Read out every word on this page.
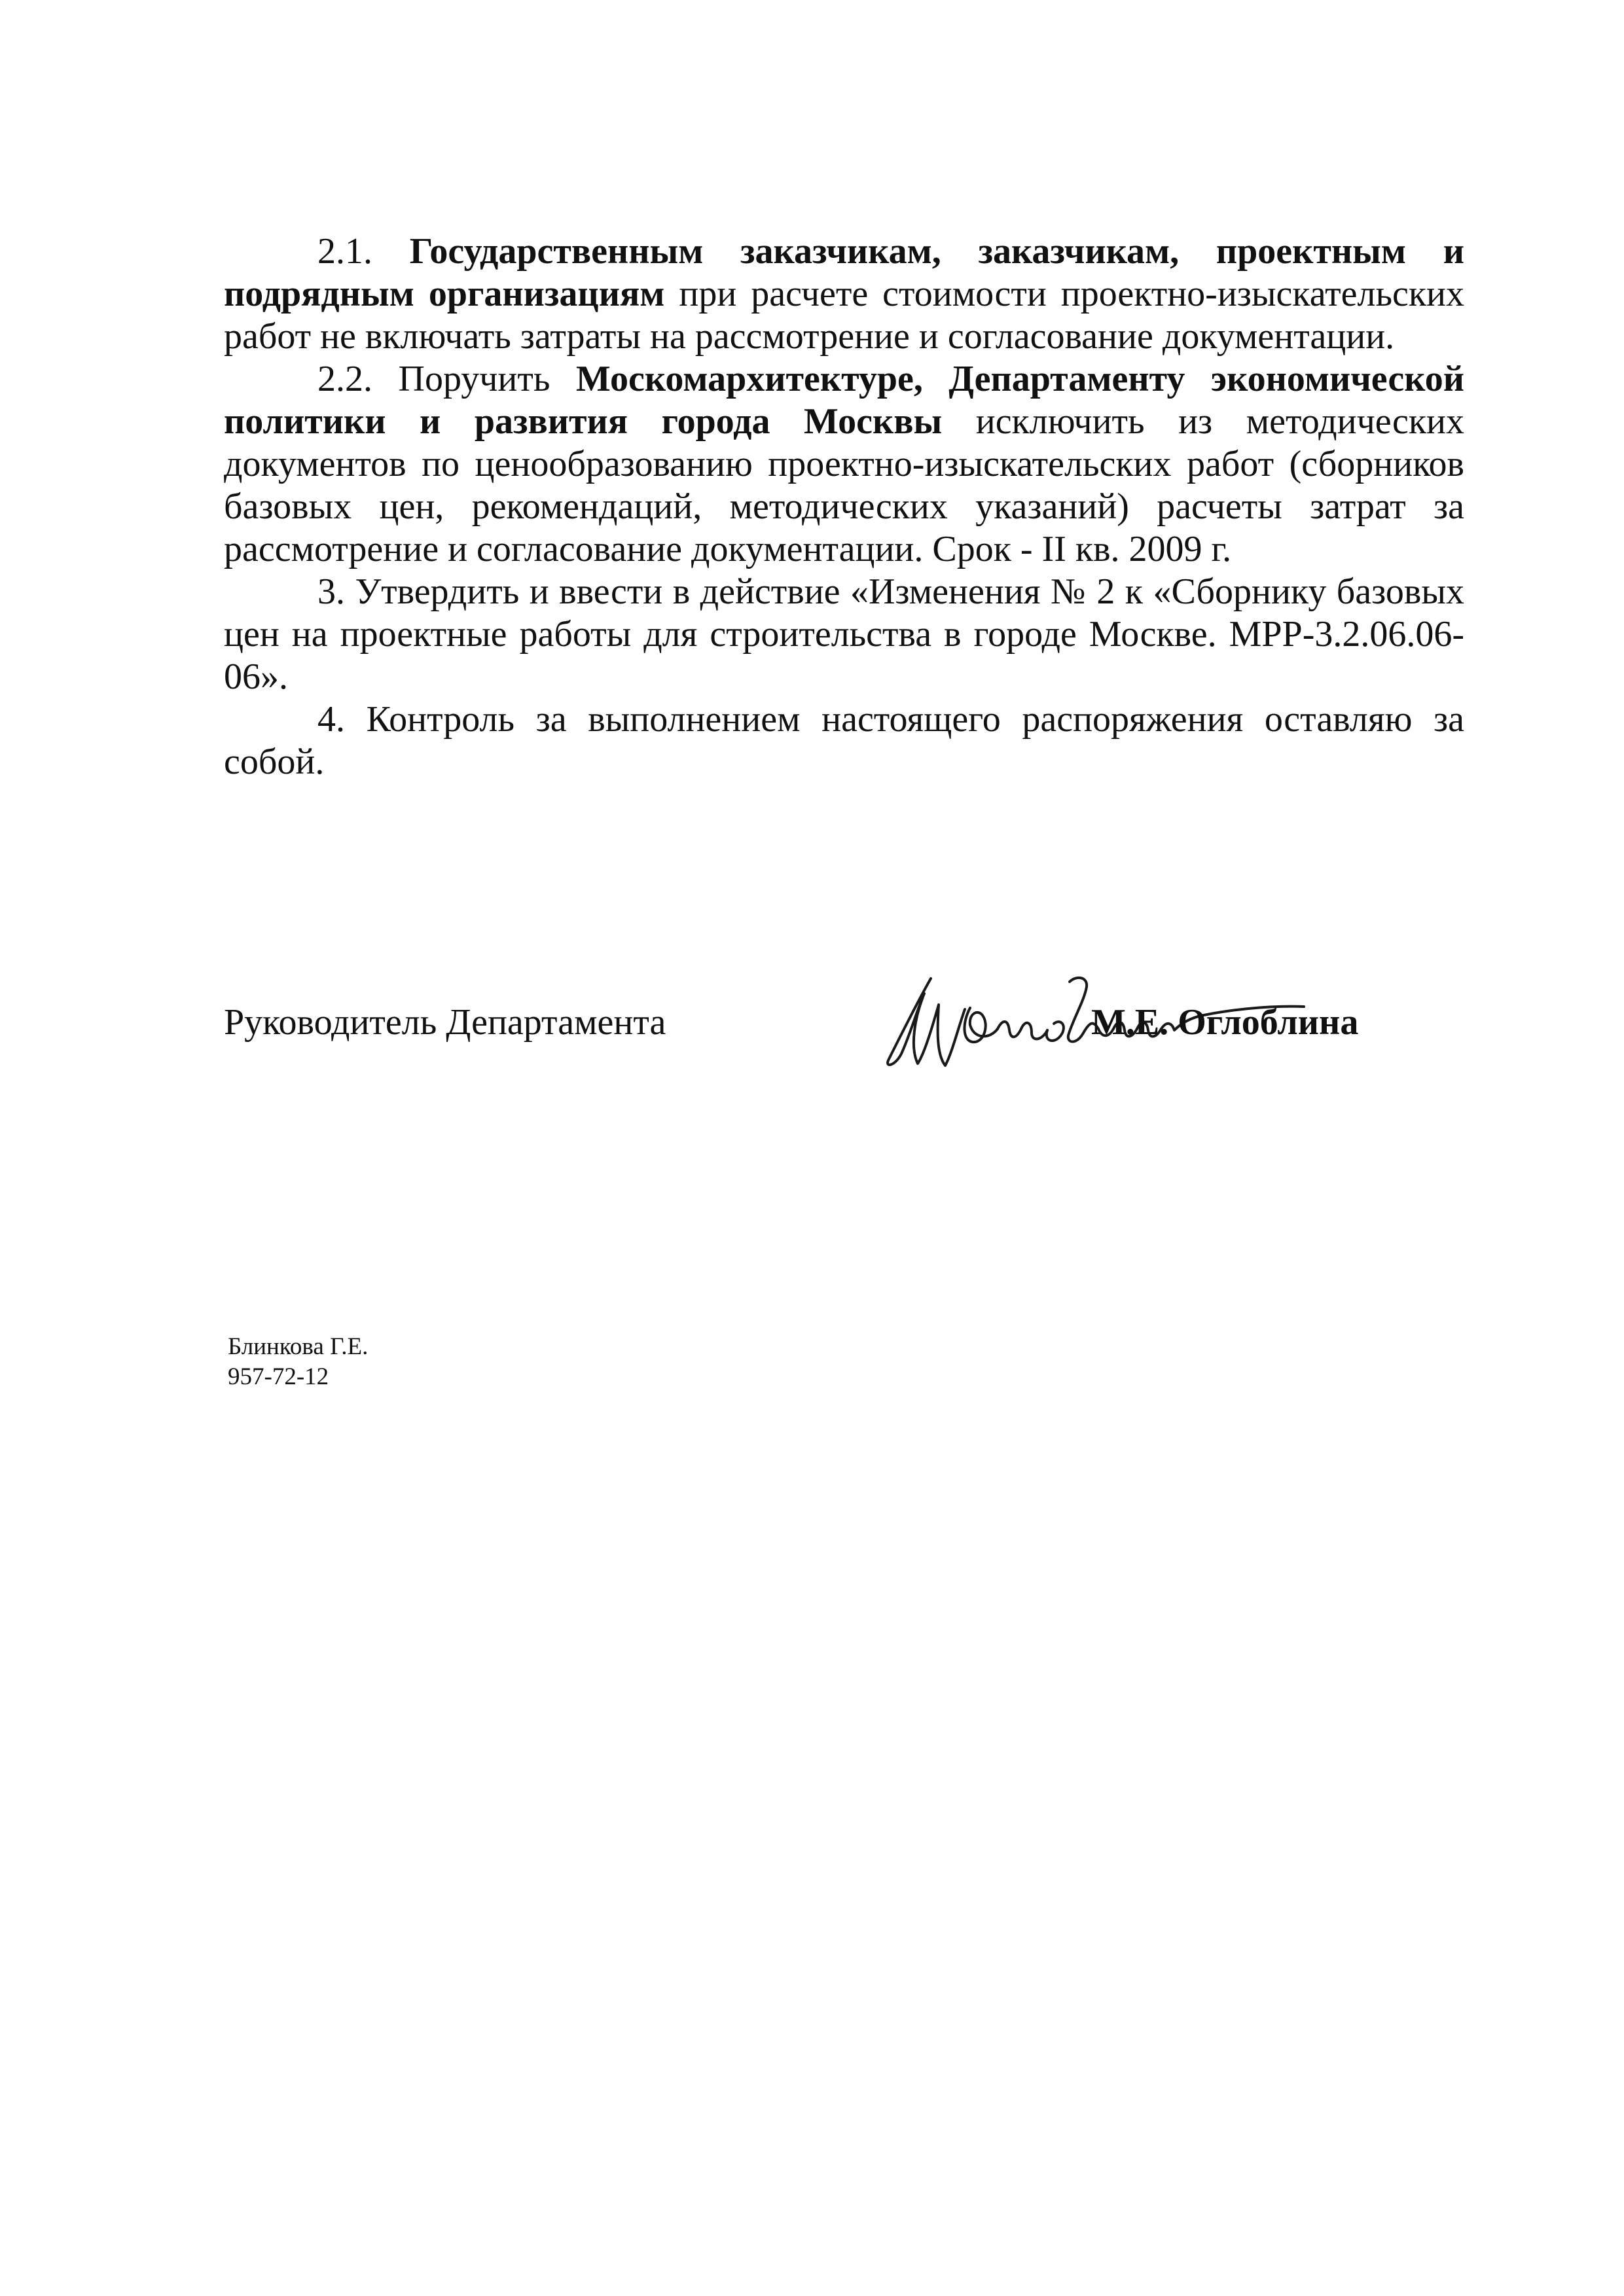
2.1. Государственным заказчикам, заказчикам, проектным и подрядным организациям при расчете стоимости проектно-изыскательских работ не включать затраты на рассмотрение и согласование документации.

2.2. Поручить Москомархитектуре, Департаменту экономической политики и развития города Москвы исключить из методических документов по ценообразованию проектно-изыскательских работ (сборников базовых цен, рекомендаций, методических указаний) расчеты затрат за рассмотрение и согласование документации. Срок - II кв. 2009 г.

3. Утвердить и ввести в действие «Изменения № 2 к «Сборнику базовых цен на проектные работы для строительства в городе Москве. МРР-3.2.06.06-06».

4. Контроль за выполнением настоящего распоряжения оставляю за собой.

Руководитель Департамента	М.Е. Оглоблина
Блинкова Г.Е.
957-72-12
